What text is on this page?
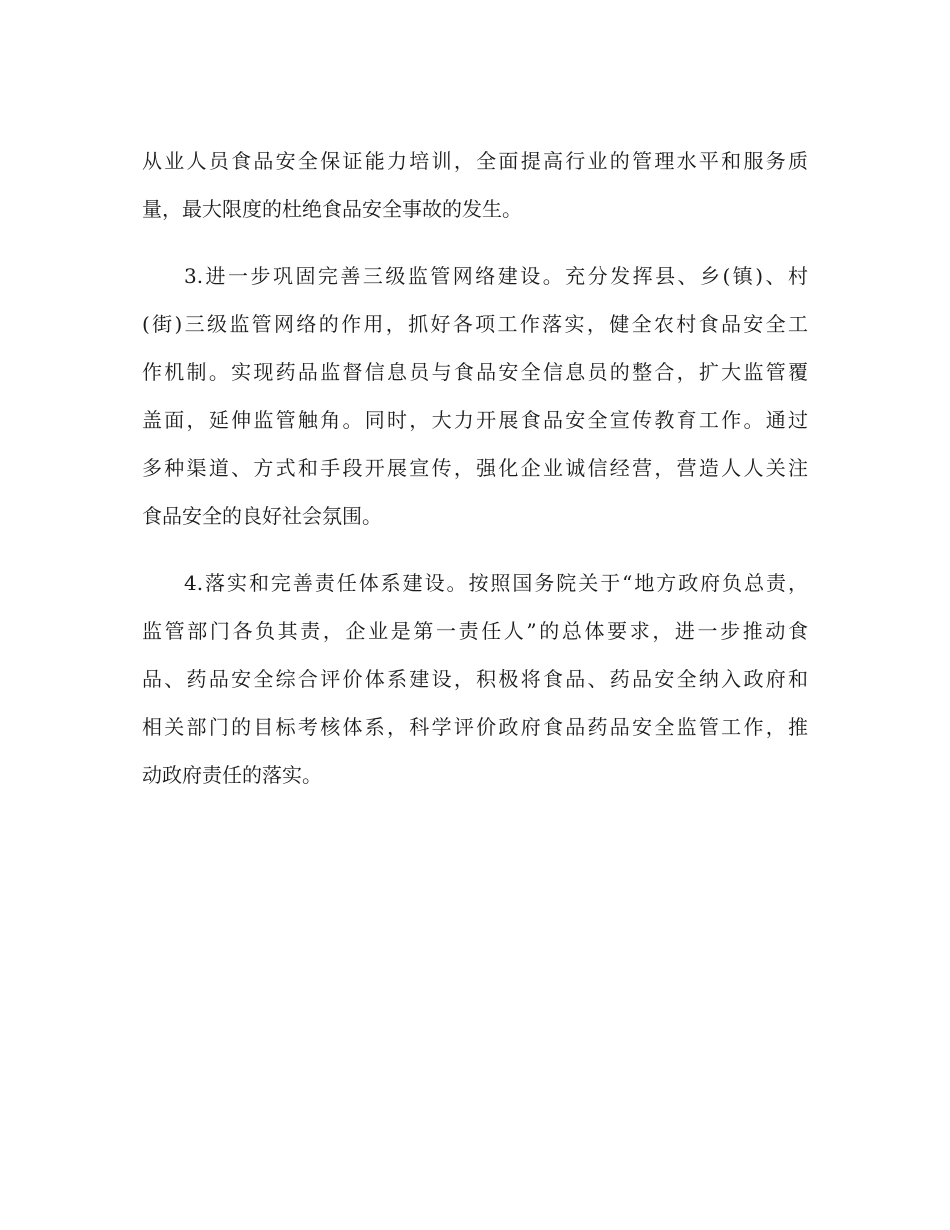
从业人员食品安全保证能力培训，全面提高行业的管理水平和服务质
量，最大限度的杜绝食品安全事故的发生。
3.进一步巩固完善三级监管网络建设。充分发挥县、乡(镇)、村
(街)三级监管网络的作用，抓好各项工作落实，健全农村食品安全工
作机制。实现药品监督信息员与食品安全信息员的整合，扩大监管覆
盖面，延伸监管触角。同时，大力开展食品安全宣传教育工作。通过
多种渠道、方式和手段开展宣传，强化企业诚信经营，营造人人关注
食品安全的良好社会氛围。
4.落实和完善责任体系建设。按照国务院关于“地方政府负总责，
监管部门各负其责，企业是第一责任人”的总体要求，进一步推动食
品、药品安全综合评价体系建设，积极将食品、药品安全纳入政府和
相关部门的目标考核体系，科学评价政府食品药品安全监管工作，推
动政府责任的落实。
